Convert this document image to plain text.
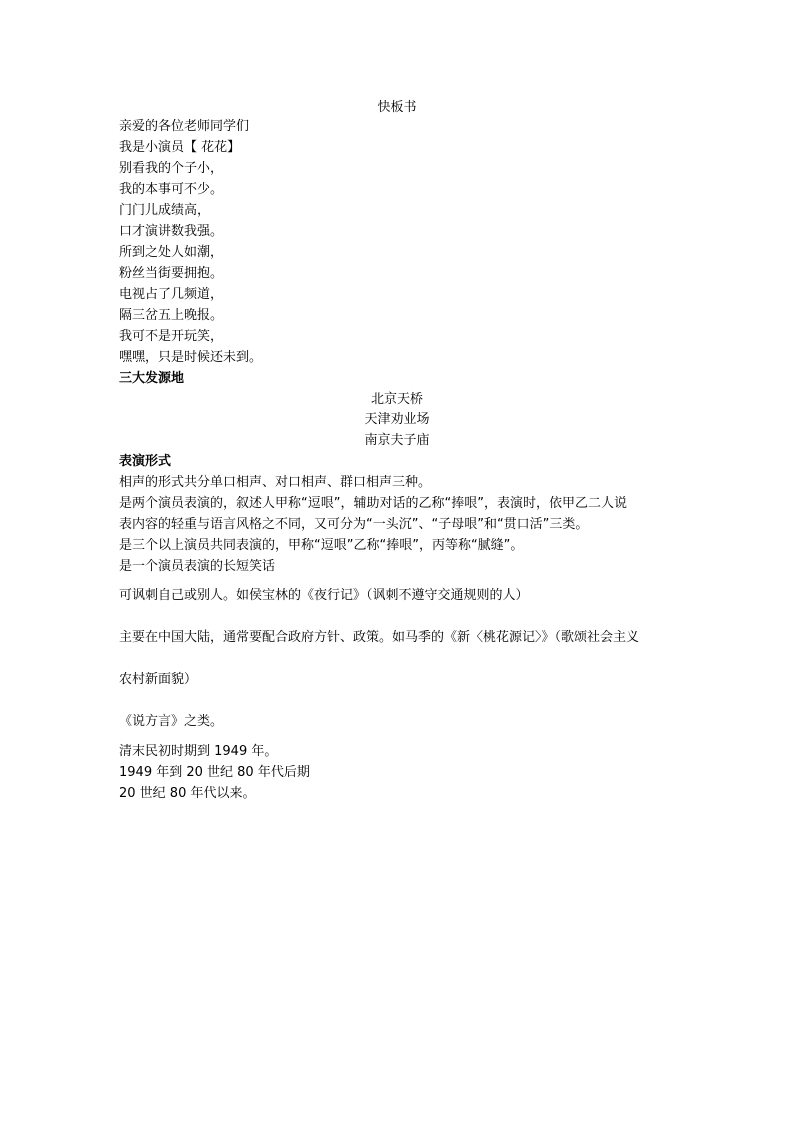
快板书
亲爱的各位老师同学们
我是小演员【 花花】
别看我的个子小，
我的本事可不少。
门门儿成绩高，
口才演讲数我强。
所到之处人如潮，
粉丝当街要拥抱。
电视占了几频道，
隔三岔五上晚报。
我可不是开玩笑，
嘿嘿，只是时候还未到。
三大发源地
北京天桥
天津劝业场
南京夫子庙
表演形式
相声的形式共分单口相声、对口相声、群口相声三种。
是两个演员表演的，叙述人甲称“逗哏”，辅助对话的乙称“捧哏”，表演时，依甲乙二人说
表内容的轻重与语言风格之不同，又可分为“一头沉”、“子母哏”和“贯口活”三类。
是三个以上演员共同表演的，甲称“逗哏”乙称“捧哏”，丙等称“腻缝”。
是一个演员表演的长短笑话
可讽刺自己或别人。如侯宝林的《夜行记》（讽刺不遵守交通规则的人）
主要在中国大陆，通常要配合政府方针、政策。如马季的《新〈桃花源记〉》（歌颂社会主义
农村新面貌）
《说方言》之类。
清末民初时期到 1949 年。
1949 年到 20 世纪 80 年代后期
20 世纪 80 年代以来。
